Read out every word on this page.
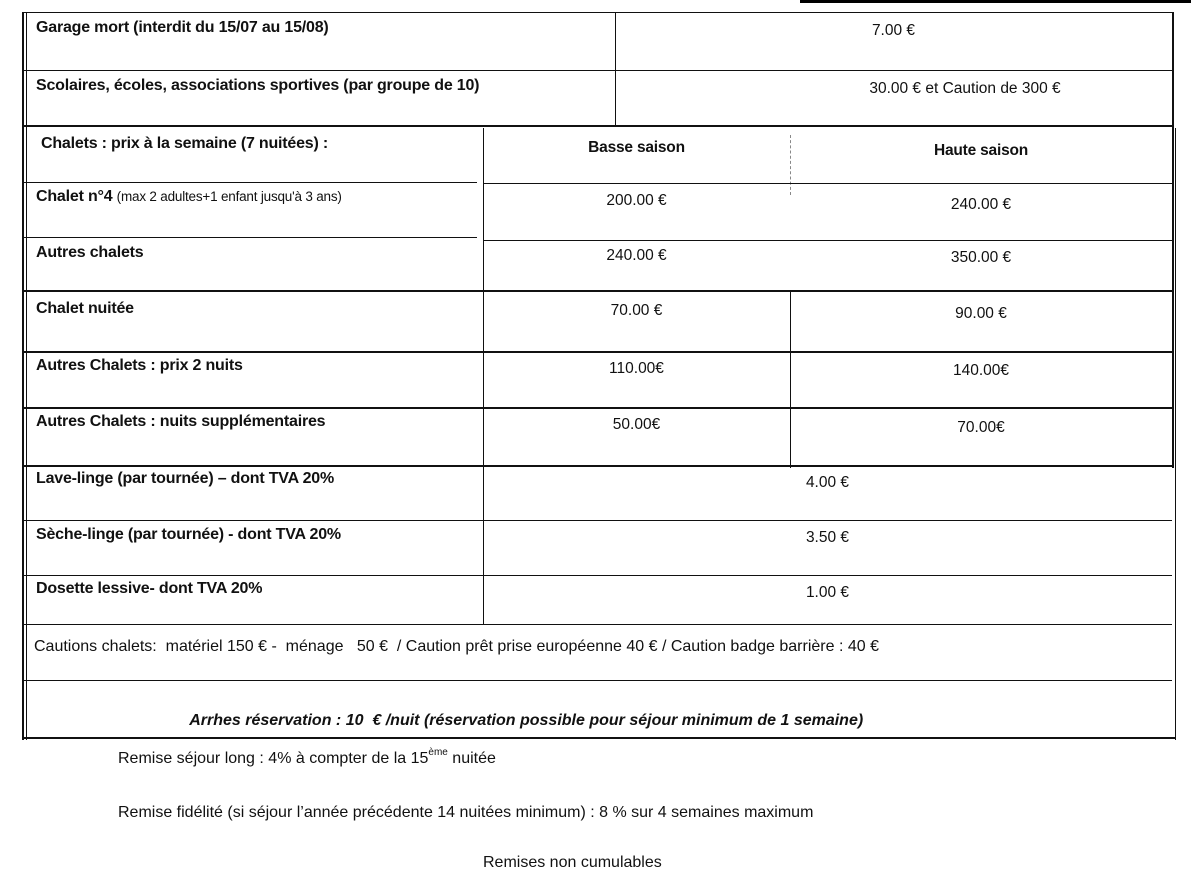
Garage mort (interdit du 15/07 au 15/08)	7.00 €
Scolaires, écoles, associations sportives (par groupe de 10)	30.00 € et Caution de 300 €
Chalets : prix à la semaine (7 nuitées) :	Basse saison	Haute saison
Chalet n°4 (max 2 adultes+1 enfant jusqu'à 3 ans)	200.00 €	240.00 €
Autres chalets	240.00 €	350.00 €
Chalet nuitée	70.00 €	90.00 €
Autres Chalets : prix 2 nuits	110.00€	140.00€
Autres Chalets : nuits supplémentaires	50.00€	70.00€
Lave-linge (par tournée) – dont TVA 20%	4.00 €
Sèche-linge (par tournée) - dont TVA 20%	3.50 €
Dosette lessive- dont TVA 20%	1.00 €
Cautions chalets:  matériel 150 € -  ménage   50 €  / Caution prêt prise européenne 40 € / Caution badge barrière : 40 €

Arrhes réservation : 10  € /nuit (réservation possible pour séjour minimum de 1 semaine)

Remise séjour long : 4% à compter de la 15ème nuitée
Remise fidélité (si séjour l’année précédente 14 nuitées minimum) : 8 % sur 4 semaines maximum
Remises non cumulables
